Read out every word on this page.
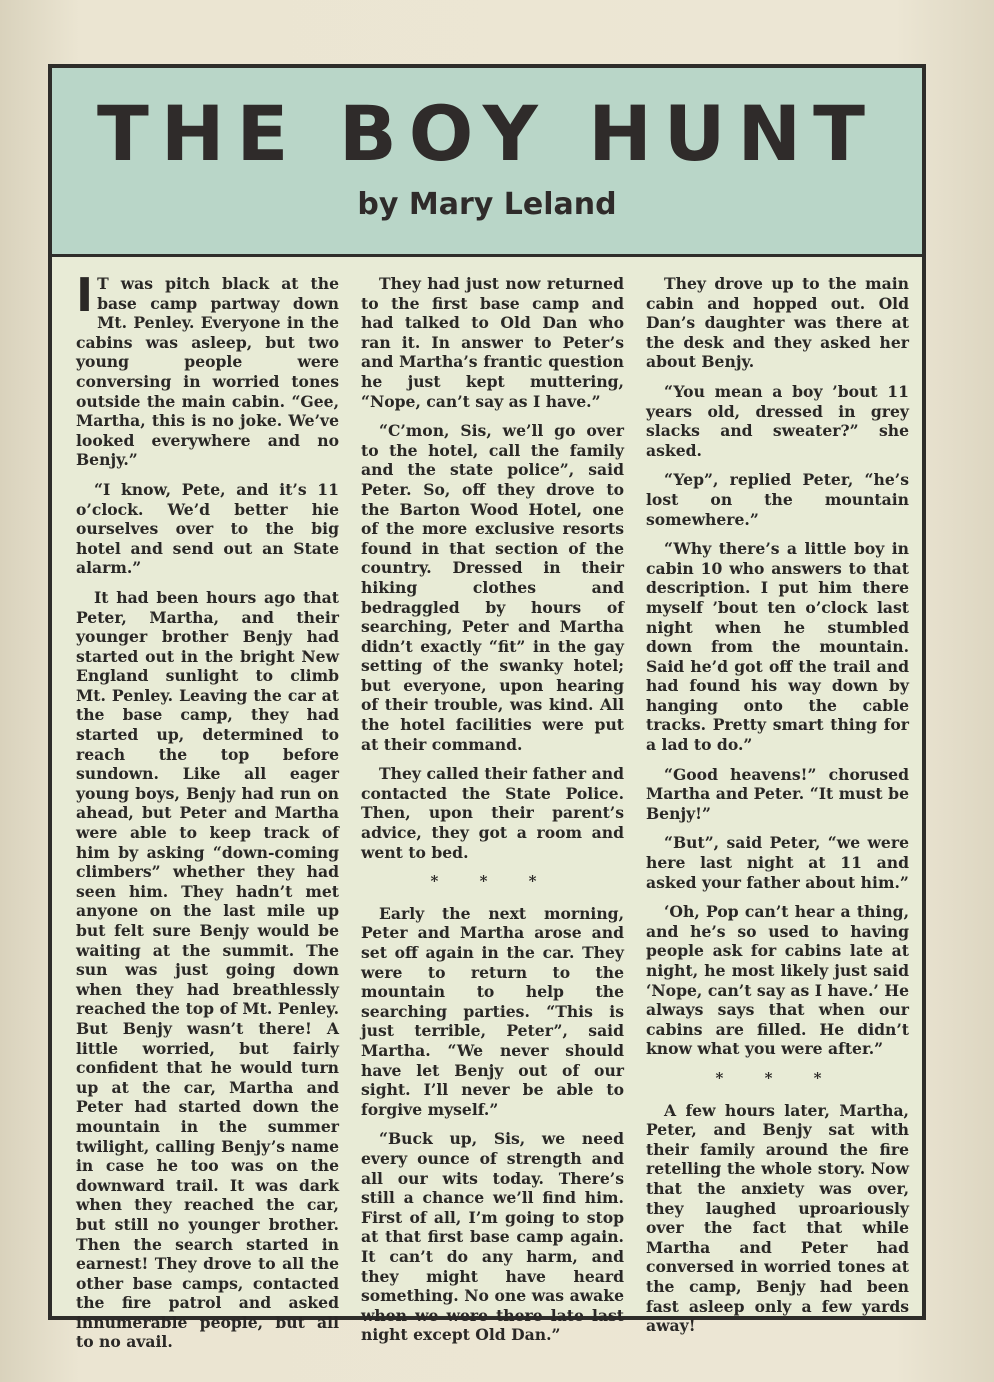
THE BOY HUNT
by Mary Leland

I T was pitch black at the base camp partway down Mt. Penley. Everyone in the cabins was asleep, but two young people were conversing in worried tones outside the main cabin. “Gee, Martha, this is no joke. We’ve looked everywhere and no Benjy.”

“I know, Pete, and it’s 11 o’clock. We’d better hie ourselves over to the big hotel and send out an State alarm.”

It had been hours ago that Peter, Martha, and their younger brother Benjy had started out in the bright New England sunlight to climb Mt. Penley. Leaving the car at the base camp, they had started up, determined to reach the top before sundown. Like all eager young boys, Benjy had run on ahead, but Peter and Martha were able to keep track of him by asking “down-coming climbers” whether they had seen him. They hadn’t met anyone on the last mile up but felt sure Benjy would be waiting at the summit. The sun was just going down when they had breathlessly reached the top of Mt. Penley. But Benjy wasn’t there! A little worried, but fairly confident that he would turn up at the car, Martha and Peter had started down the mountain in the summer twilight, calling Benjy’s name in case he too was on the downward trail. It was dark when they reached the car, but still no younger brother. Then the search started in earnest! They drove to all the other base camps, contacted the fire patrol and asked innumerable people, but all to no avail.

They had just now returned to the first base camp and had talked to Old Dan who ran it. In answer to Peter’s and Martha’s frantic question he just kept muttering, “Nope, can’t say as I have.”

“C’mon, Sis, we’ll go over to the hotel, call the family and the state police”, said Peter. So, off they drove to the Barton Wood Hotel, one of the more exclusive resorts found in that section of the country. Dressed in their hiking clothes and bedraggled by hours of searching, Peter and Martha didn’t exactly “fit” in the gay setting of the swanky hotel; but everyone, upon hearing of their trouble, was kind. All the hotel facilities were put at their command.

They called their father and contacted the State Police. Then, upon their parent’s advice, they got a room and went to bed.

* * *

Early the next morning, Peter and Martha arose and set off again in the car. They were to return to the mountain to help the searching parties. “This is just terrible, Peter”, said Martha. “We never should have let Benjy out of our sight. I’ll never be able to forgive myself.”

“Buck up, Sis, we need every ounce of strength and all our wits today. There’s still a chance we’ll find him. First of all, I’m going to stop at that first base camp again. It can’t do any harm, and they might have heard something. No one was awake when we were there late last night except Old Dan.”

They drove up to the main cabin and hopped out. Old Dan’s daughter was there at the desk and they asked her about Benjy.

“You mean a boy ’bout 11 years old, dressed in grey slacks and sweater?” she asked.

“Yep”, replied Peter, “he’s lost on the mountain somewhere.”

“Why there’s a little boy in cabin 10 who answers to that description. I put him there myself ’bout ten o’clock last night when he stumbled down from the mountain. Said he’d got off the trail and had found his way down by hanging onto the cable tracks. Pretty smart thing for a lad to do.”

“Good heavens!” chorused Martha and Peter. “It must be Benjy!”

“But”, said Peter, “we were here last night at 11 and asked your father about him.”

‘Oh, Pop can’t hear a thing, and he’s so used to having people ask for cabins late at night, he most likely just said ‘Nope, can’t say as I have.’ He always says that when our cabins are filled. He didn’t know what you were after.”

* * *

A few hours later, Martha, Peter, and Benjy sat with their family around the fire retelling the whole story. Now that the anxiety was over, they laughed uproariously over the fact that while Martha and Peter had conversed in worried tones at the camp, Benjy had been fast asleep only a few yards away!
